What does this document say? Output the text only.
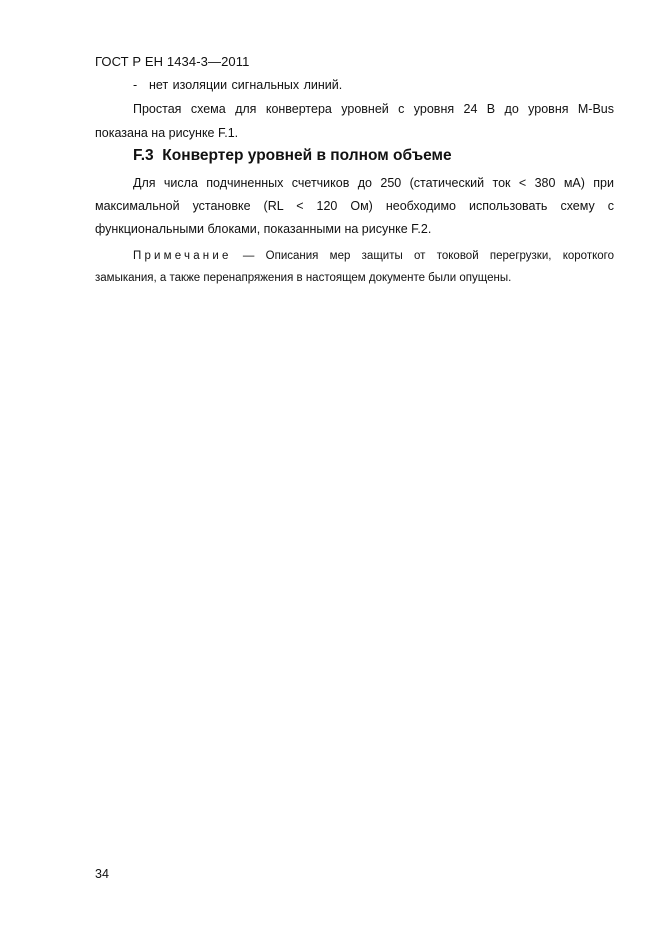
ГОСТ Р ЕН 1434-3—2011
- нет изоляции сигнальных линий.
Простая схема для конвертера уровней с уровня 24 В до уровня M-Bus
показана на рисунке F.1.
F.3  Конвертер уровней в полном объеме
Для числа подчиненных счетчиков до 250 (статический ток < 380 мА) при
максимальной установке (RL < 120 Ом) необходимо использовать схему с
функциональными блоками, показанными на рисунке F.2.
Примечание — Описания мер защиты от токовой перегрузки, короткого
замыкания, а также перенапряжения в настоящем документе были опущены.
34
